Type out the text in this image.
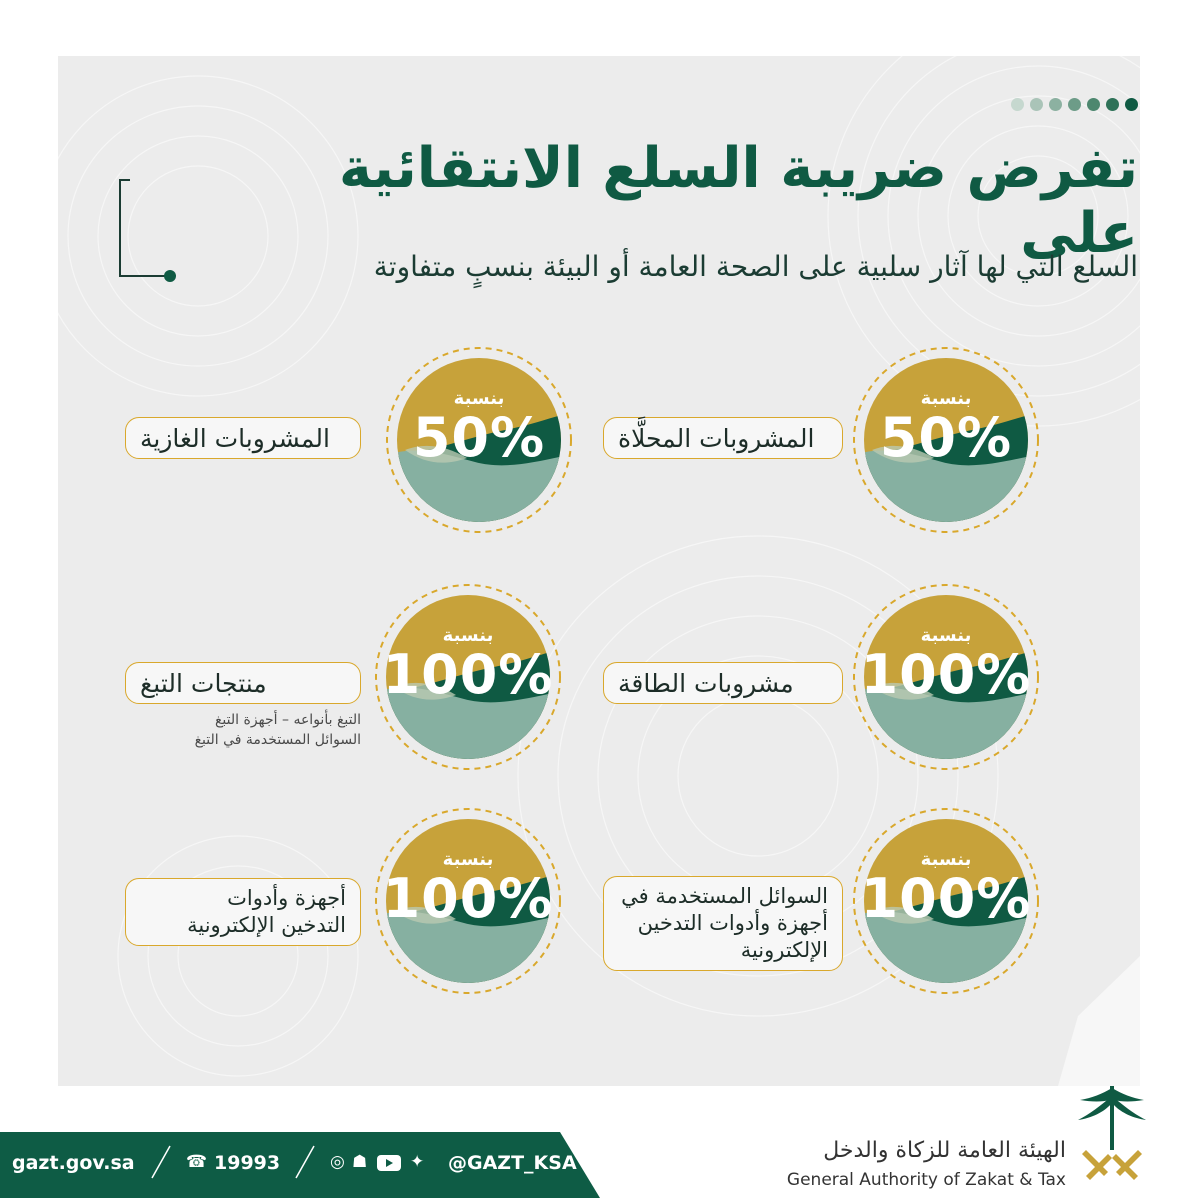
تفرض ضريبة السلع الانتقائية على

السلع التي لها آثار سلبية على الصحة العامة أو البيئة بنسبٍ متفاوتة

بنسبة
50%
المشروبات المحلَّاة
بنسبة
50%
المشروبات الغازية
بنسبة
100%
مشروبات الطاقة
بنسبة
100%
منتجات التبغ
التبغ بأنواعه – أجهزة التبغ
السوائل المستخدمة في التبغ
بنسبة
100%
السوائل المستخدمة في
أجهزة وأدوات التدخين
الإلكترونية
بنسبة
100%
أجهزة وأدوات
التدخين الإلكترونية
gazt.gov.sa	☎ 19993	◎ ☗	✦ @GAZT_KSA	الهيئة العامة للزكاة والدخل
General Authority of Zakat & Tax
